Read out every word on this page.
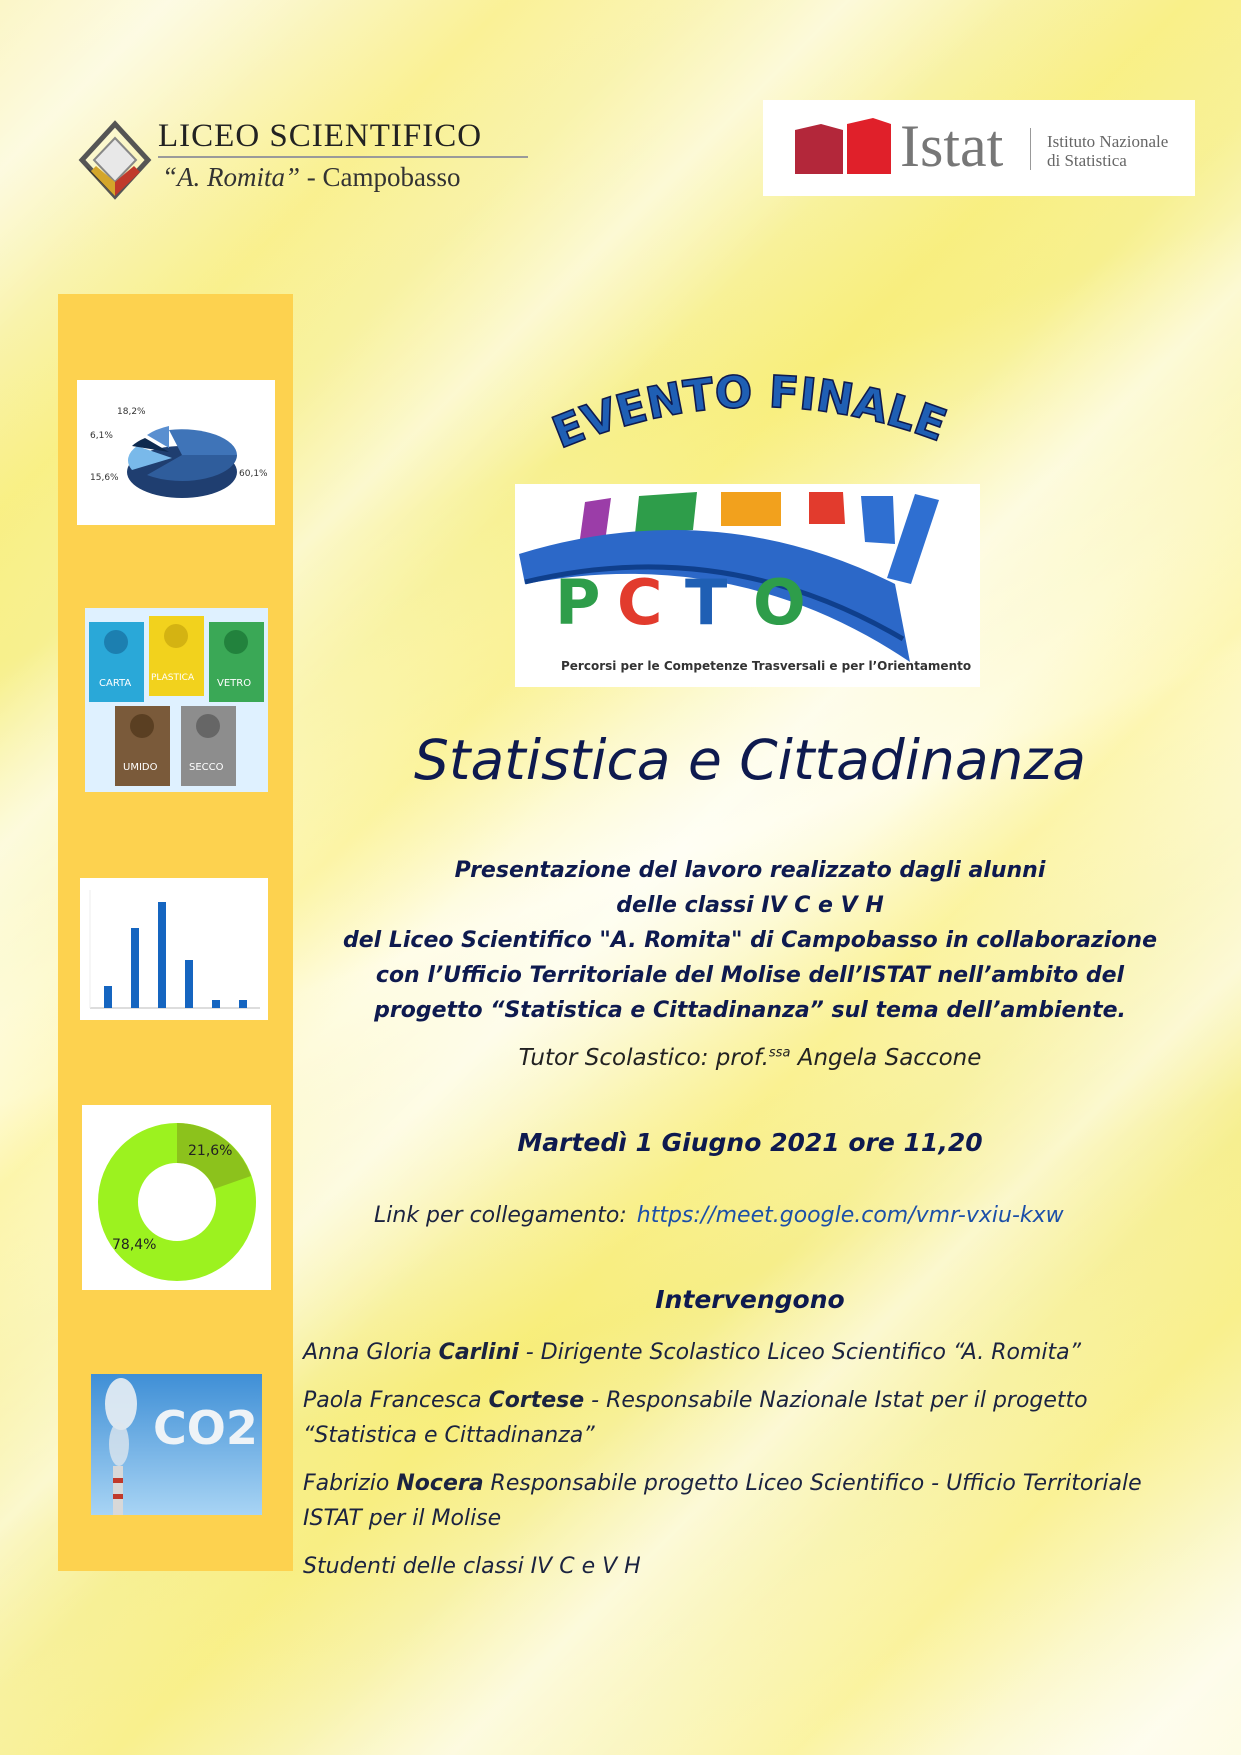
LICEO SCIENTIFICO
“A. Romita” - Campobasso	Istat	Istituto Nazionale
di Statistica
18,2%
6,1%
15,6%	60,1%
CARTA PLASTICA VETRO
UMIDO	SECCO
21,6%
78,4%
CO2
EVENTO FINALE
P C T O
Percorsi per le Competenze Trasversali e per l’Orientamento
Statistica e Cittadinanza
Presentazione del lavoro realizzato dagli alunni
delle classi IV C e V H
del Liceo Scientifico "A. Romita" di Campobasso in collaborazione
con l’Ufficio Territoriale del Molise dell’ISTAT nell’ambito del
progetto “Statistica e Cittadinanza” sul tema dell’ambiente.
Tutor Scolastico: prof.$^{ssa}$ Angela Saccone
Martedì 1 Giugno 2021 ore 11,20
Link per collegamento: https://meet.google.com/vmr-vxiu-kxw
Intervengono
Anna Gloria Carlini - Dirigente Scolastico Liceo Scientifico “A. Romita”
Paola Francesca Cortese - Responsabile Nazionale Istat per il progetto “Statistica e Cittadinanza”
Fabrizio Nocera Responsabile progetto Liceo Scientifico - Ufficio Territoriale ISTAT per il Molise
Studenti delle classi IV C e V H
